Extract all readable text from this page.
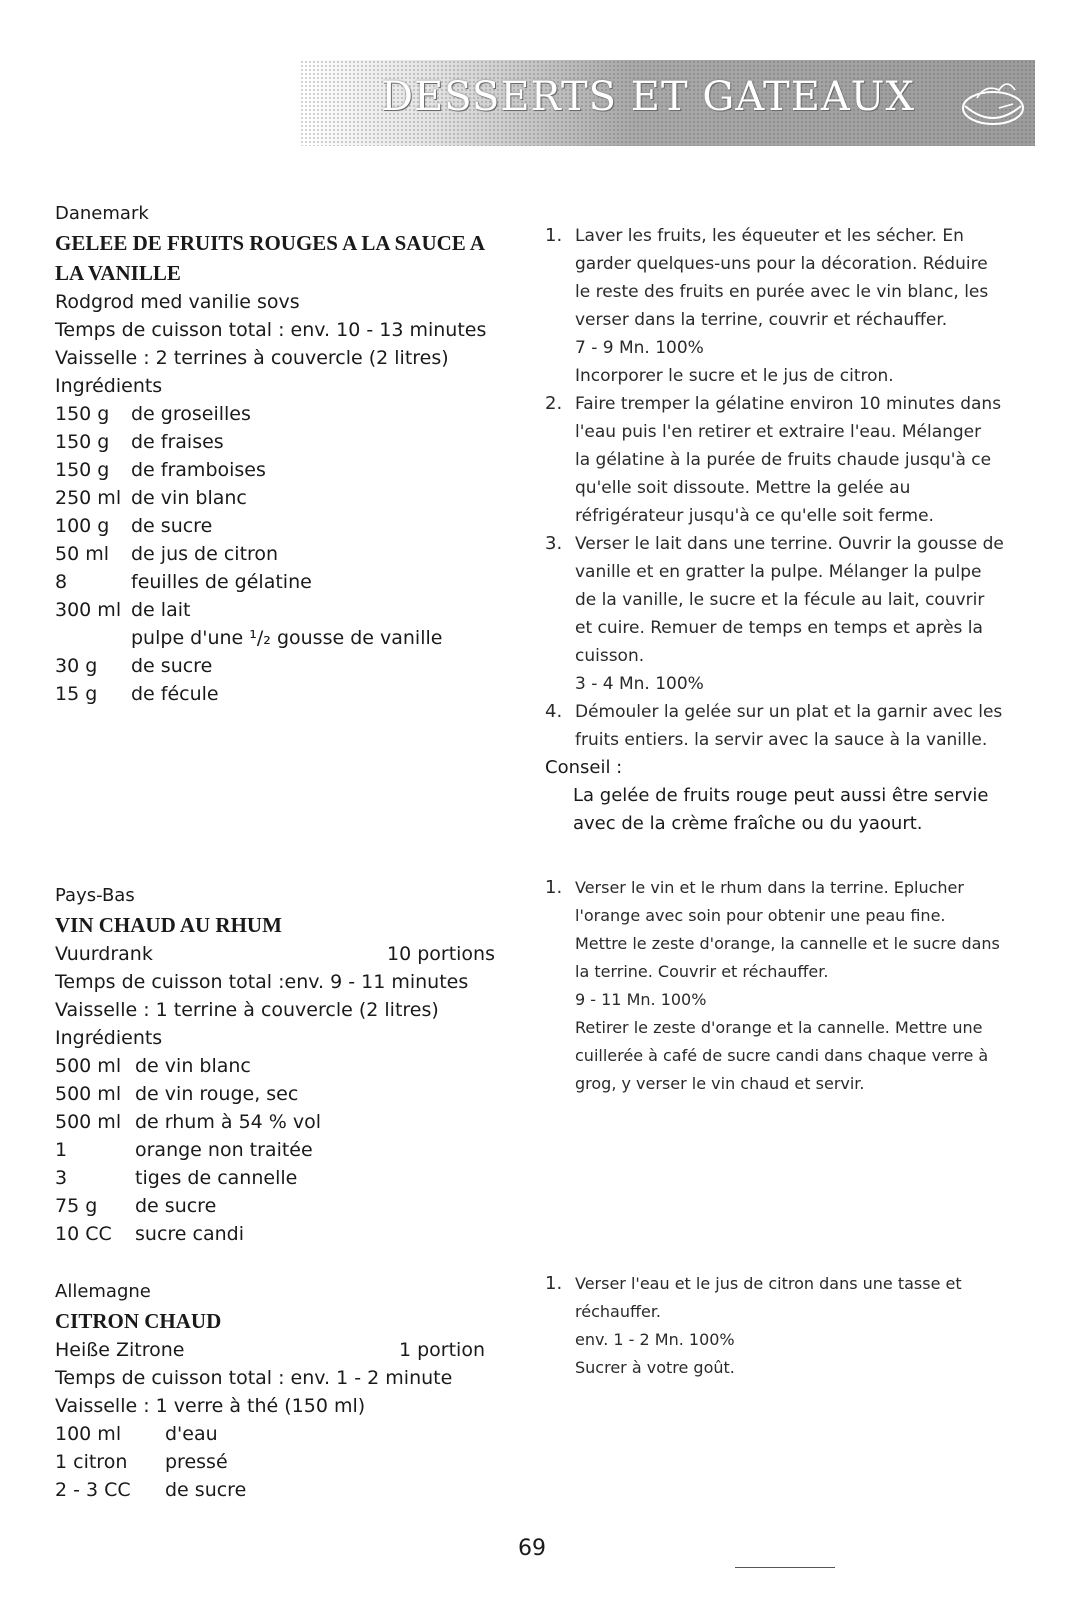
DESSERTS ET GATEAUX
Danemark
GELEE DE FRUITS ROUGES A LA SAUCE A
LA VANILLE
Rodgrod med vanilie sovs
Temps de cuisson total : env. 10 - 13 minutes
Vaisselle : 2 terrines à couvercle (2 litres)
Ingrédients
150 g	de groseilles
150 g	de fraises
150 g	de framboises
250 ml de vin blanc
100 g	de sucre
50 ml	de jus de citron
8	feuilles de gélatine
300 ml de lait
pulpe d'une ¹/₂ gousse de vanille
30 g	de sucre
15 g	de fécule
1. Laver les fruits, les équeuter et les sécher. En
garder quelques-uns pour la décoration. Réduire
le reste des fruits en purée avec le vin blanc, les
verser dans la terrine, couvrir et réchauffer.
7 - 9 Mn. 100%
Incorporer le sucre et le jus de citron.
2. Faire tremper la gélatine environ 10 minutes dans
l'eau puis l'en retirer et extraire l'eau. Mélanger
la gélatine à la purée de fruits chaude jusqu'à ce
qu'elle soit dissoute. Mettre la gelée au
réfrigérateur jusqu'à ce qu'elle soit ferme.
3. Verser le lait dans une terrine. Ouvrir la gousse de
vanille et en gratter la pulpe. Mélanger la pulpe
de la vanille, le sucre et la fécule au lait, couvrir
et cuire. Remuer de temps en temps et après la
cuisson.
3 - 4 Mn. 100%
4. Démouler la gelée sur un plat et la garnir avec les
fruits entiers. la servir avec la sauce à la vanille.
Conseil :
La gelée de fruits rouge peut aussi être servie
avec de la crème fraîche ou du yaourt.
Pays-Bas
VIN CHAUD AU RHUM
Vuurdrank	10 portions
Temps de cuisson total :env. 9 - 11 minutes
Vaisselle : 1 terrine à couvercle (2 litres)
Ingrédients
500 ml de vin blanc
500 ml de vin rouge, sec
500 ml de rhum à 54 % vol
1	orange non traitée
3	tiges de cannelle
75 g	de sucre
10 CC	sucre candi
1. Verser le vin et le rhum dans la terrine. Eplucher
l'orange avec soin pour obtenir une peau fine.
Mettre le zeste d'orange, la cannelle et le sucre dans
la terrine. Couvrir et réchauffer.
9 - 11 Mn. 100%
Retirer le zeste d'orange et la cannelle. Mettre une
cuillerée à café de sucre candi dans chaque verre à
grog, y verser le vin chaud et servir.
Allemagne
CITRON CHAUD
Heiße Zitrone	1 portion
Temps de cuisson total : env. 1 - 2 minute
Vaisselle : 1 verre à thé (150 ml)
100 ml	d'eau
1 citron	pressé
2 - 3 CC	de sucre
1. Verser l'eau et le jus de citron dans une tasse et
réchauffer.
env. 1 - 2 Mn. 100%
Sucrer à votre goût.
69
